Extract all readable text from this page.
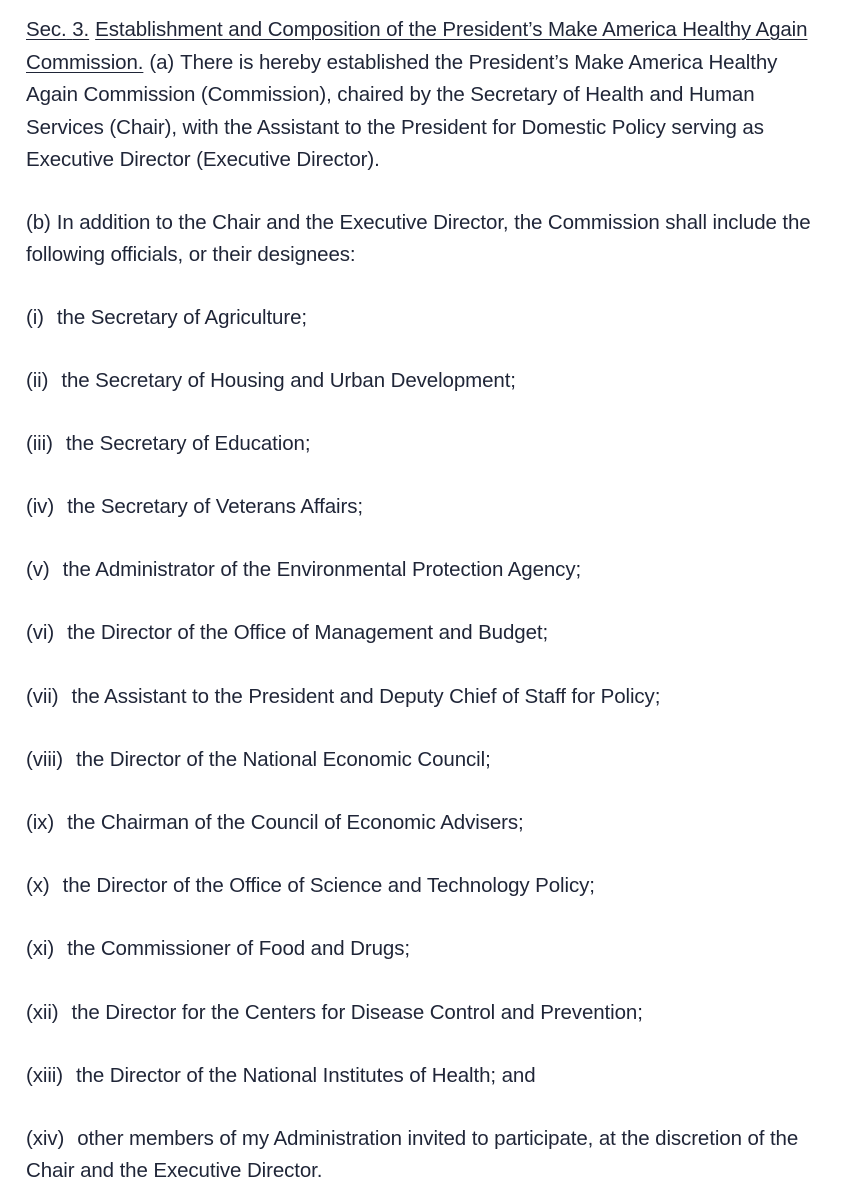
Sec. 3. Establishment and Composition of the President’s Make America Healthy Again Commission. (a) There is hereby established the President’s Make America Healthy Again Commission (Commission), chaired by the Secretary of Health and Human Services (Chair), with the Assistant to the President for Domestic Policy serving as Executive Director (Executive Director).

(b) In addition to the Chair and the Executive Director, the Commission shall include the following officials, or their designees:

(i) the Secretary of Agriculture;
(ii) the Secretary of Housing and Urban Development;
(iii) the Secretary of Education;
(iv) the Secretary of Veterans Affairs;
(v) the Administrator of the Environmental Protection Agency;
(vi) the Director of the Office of Management and Budget;
(vii) the Assistant to the President and Deputy Chief of Staff for Policy;
(viii) the Director of the National Economic Council;
(ix) the Chairman of the Council of Economic Advisers;
(x) the Director of the Office of Science and Technology Policy;
(xi) the Commissioner of Food and Drugs;
(xii) the Director for the Centers for Disease Control and Prevention;
(xiii) the Director of the National Institutes of Health; and
(xiv) other members of my Administration invited to participate, at the discretion of the Chair and the Executive Director.
